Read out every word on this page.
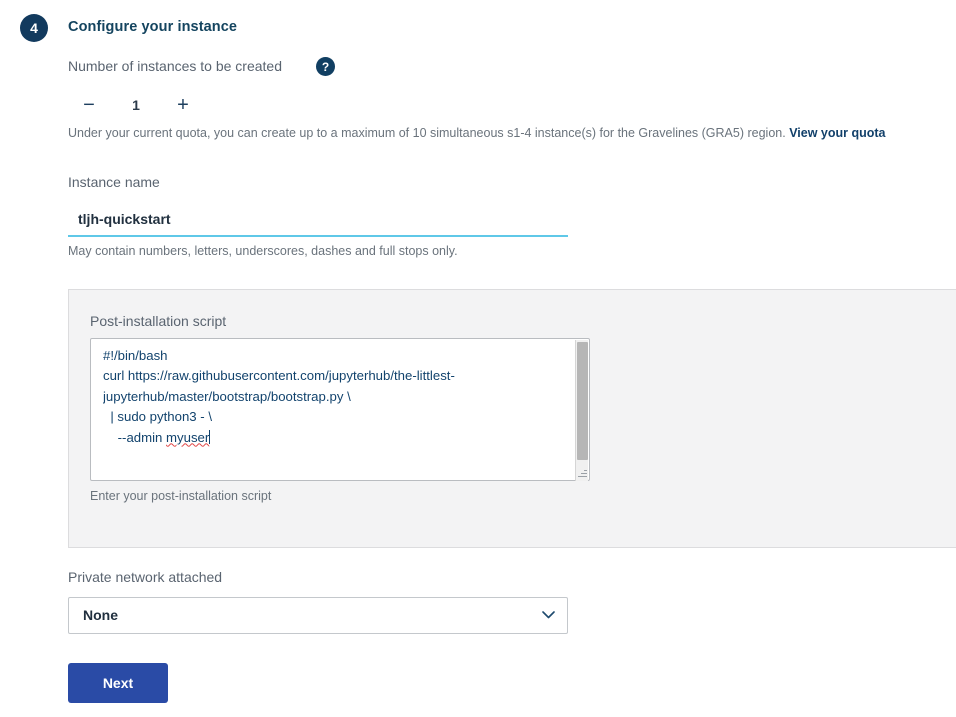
4	Configure your instance
Number of instances to be created	?
−	1	+
Under your current quota, you can create up to a maximum of 10 simultaneous s1-4 instance(s) for the Gravelines (GRA5) region. View your quota
Instance name
tljh-quickstart
May contain numbers, letters, underscores, dashes and full stops only.
Post-installation script
#!/bin/bash
curl https://raw.githubusercontent.com/jupyterhub/the-littlest-jupyterhub/master/bootstrap/bootstrap.py \
| sudo python3 - \
--admin myuser
Enter your post-installation script
Private network attached
None
Next
